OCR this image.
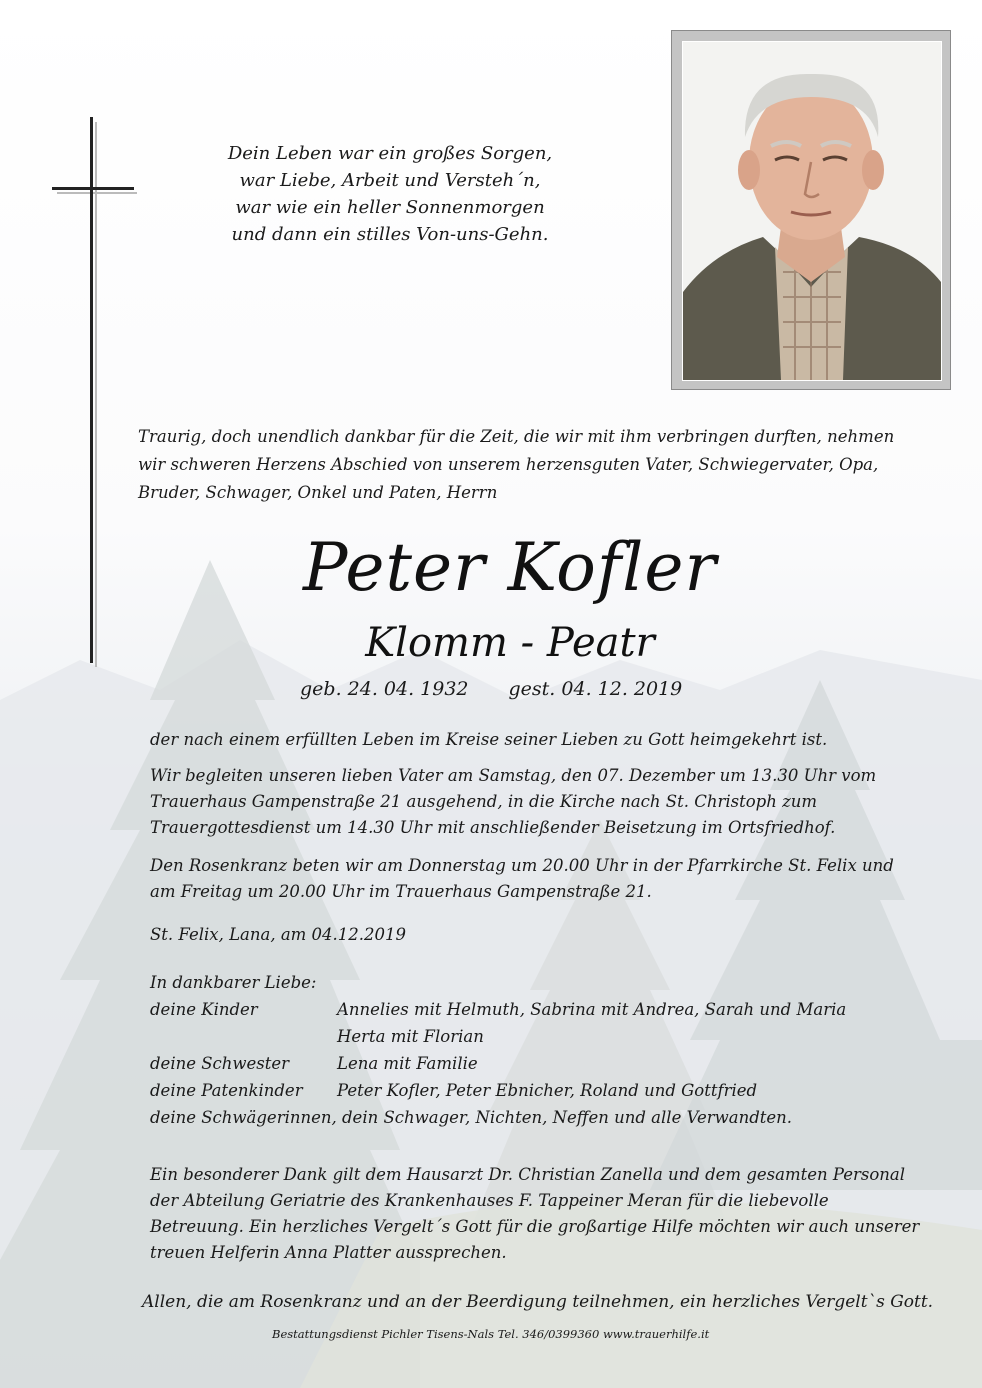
Dein Leben war ein großes Sorgen,
war Liebe, Arbeit und Versteh´n,
war wie ein heller Sonnenmorgen
und dann ein stilles Von-uns-Gehn.
Traurig, doch unendlich dankbar für die Zeit, die wir mit ihm verbringen durften, nehmen wir schweren Herzens Abschied von unserem herzensguten Vater, Schwiegervater, Opa, Bruder, Schwager, Onkel und Paten, Herrn
Peter Kofler
Klomm - Peatr
geb. 24. 04. 1932 gest. 04. 12. 2019
der nach einem erfüllten Leben im Kreise seiner Lieben zu Gott heimgekehrt ist.
Wir begleiten unseren lieben Vater am Samstag, den 07. Dezember um 13.30 Uhr vom Trauerhaus Gampenstraße 21 ausgehend, in die Kirche nach St. Christoph zum Trauergottesdienst um 14.30 Uhr mit anschließender Beisetzung im Ortsfriedhof.
Den Rosenkranz beten wir am Donnerstag um 20.00 Uhr in der Pfarrkirche St. Felix und am Freitag um 20.00 Uhr im Trauerhaus Gampenstraße 21.
St. Felix, Lana, am 04.12.2019
In dankbarer Liebe:
deine Kinder	Annelies mit Helmuth, Sabrina mit Andrea, Sarah und Maria
Herta mit Florian
deine Schwester	Lena mit Familie
deine Patenkinder	Peter Kofler, Peter Ebnicher, Roland und Gottfried
deine Schwägerinnen, dein Schwager, Nichten, Neffen und alle Verwandten.
Ein besonderer Dank gilt dem Hausarzt Dr. Christian Zanella und dem gesamten Personal der Abteilung Geriatrie des Krankenhauses F. Tappeiner Meran für die liebevolle Betreuung. Ein herzliches Vergelt´s Gott für die großartige Hilfe möchten wir auch unserer treuen Helferin Anna Platter aussprechen.
Allen, die am Rosenkranz und an der Beerdigung teilnehmen, ein herzliches Vergelt`s Gott.
Bestattungsdienst Pichler Tisens-Nals Tel. 346/0399360 www.trauerhilfe.it
